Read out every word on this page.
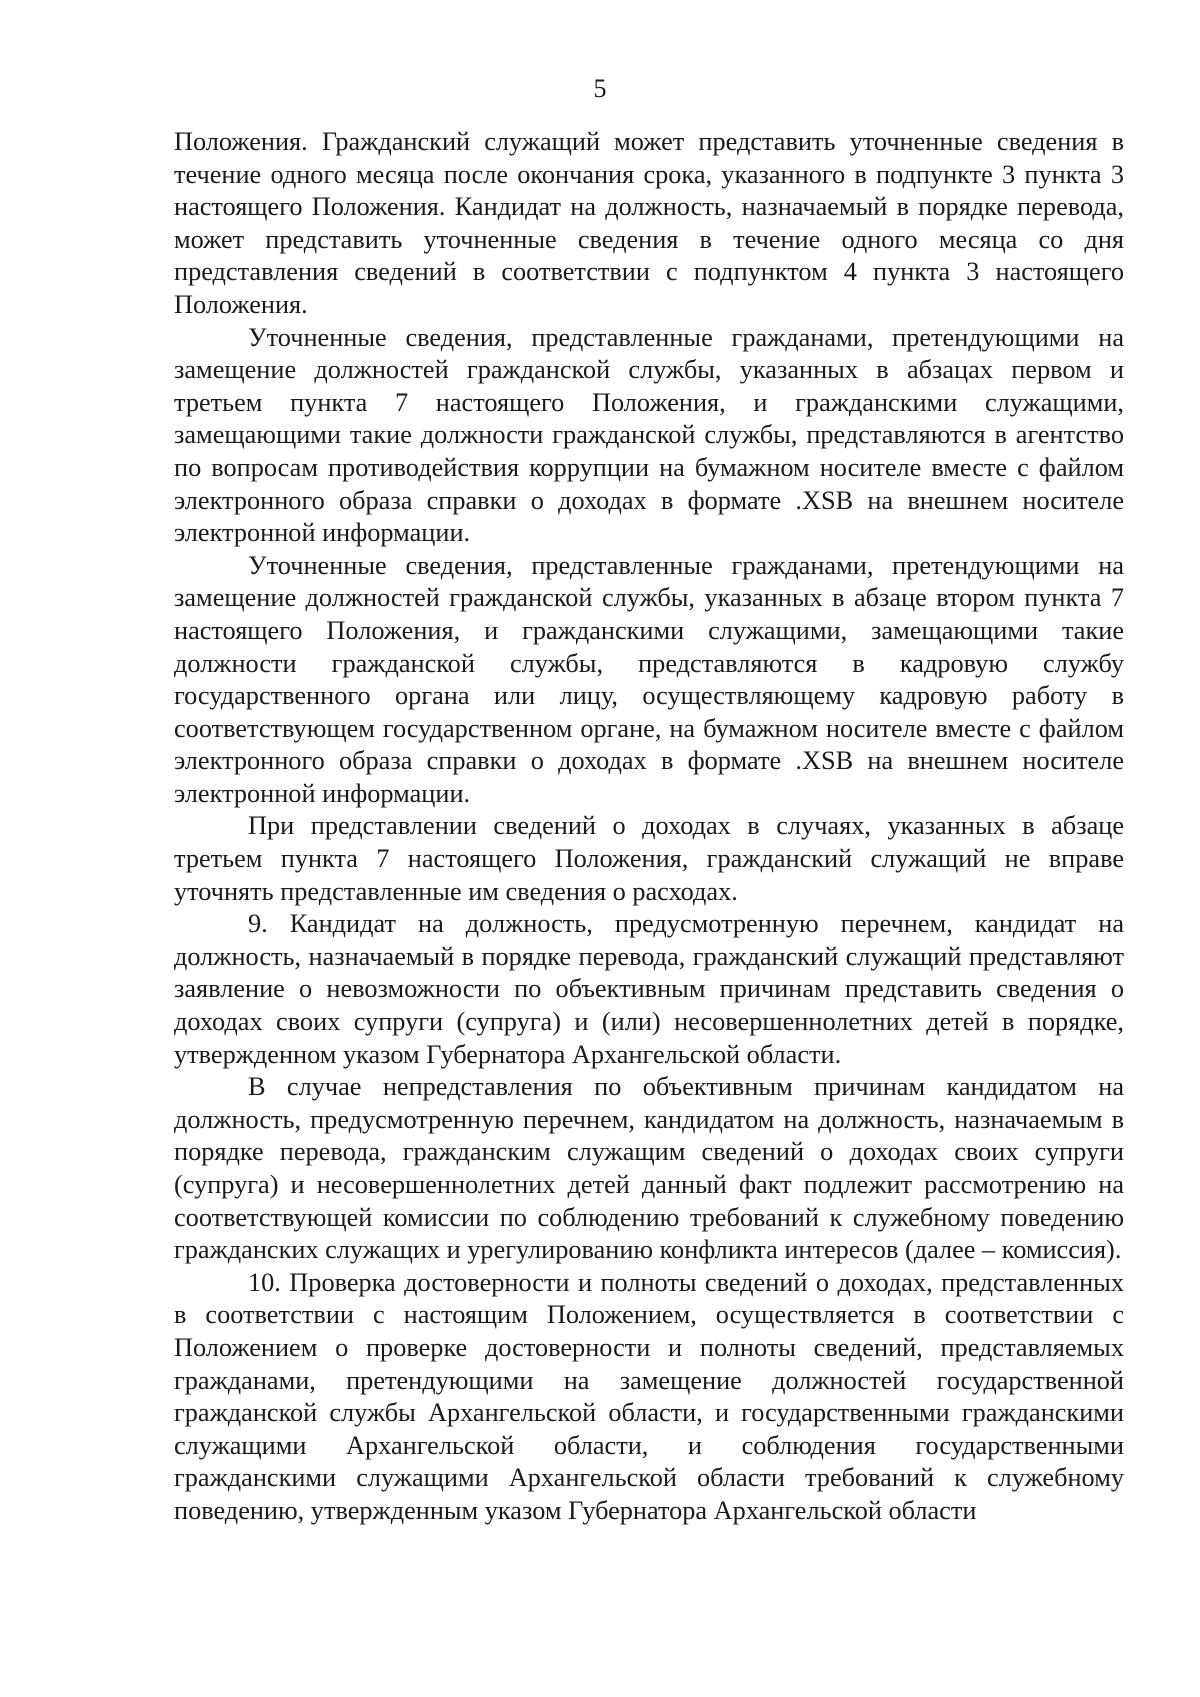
5

Положения. Гражданский служащий может представить уточненные сведения в течение одного месяца после окончания срока, указанного в подпункте 3 пункта 3 настоящего Положения. Кандидат на должность, назначаемый в порядке перевода, может представить уточненные сведения в течение одного месяца со дня представления сведений в соответствии с подпунктом 4 пункта 3 настоящего Положения.

Уточненные сведения, представленные гражданами, претендующими на замещение должностей гражданской службы, указанных в абзацах первом и третьем пункта 7 настоящего Положения, и гражданскими служащими, замещающими такие должности гражданской службы, представляются в агентство по вопросам противодействия коррупции на бумажном носителе вместе с файлом электронного образа справки о доходах в формате .XSB на внешнем носителе электронной информации.

Уточненные сведения, представленные гражданами, претендующими на замещение должностей гражданской службы, указанных в абзаце втором пункта 7 настоящего Положения, и гражданскими служащими, замещающими такие должности гражданской службы, представляются в кадровую службу государственного органа или лицу, осуществляющему кадровую работу в соответствующем государственном органе, на бумажном носителе вместе с файлом электронного образа справки о доходах в формате .XSB на внешнем носителе электронной информации.

При представлении сведений о доходах в случаях, указанных в абзаце третьем пункта 7 настоящего Положения, гражданский служащий не вправе уточнять представленные им сведения о расходах.

9. Кандидат на должность, предусмотренную перечнем, кандидат на должность, назначаемый в порядке перевода, гражданский служащий представляют заявление о невозможности по объективным причинам представить сведения о доходах своих супруги (супруга) и (или) несовершеннолетних детей в порядке, утвержденном указом Губернатора Архангельской области.

В случае непредставления по объективным причинам кандидатом на должность, предусмотренную перечнем, кандидатом на должность, назначаемым в порядке перевода, гражданским служащим сведений о доходах своих супруги (супруга) и несовершеннолетних детей данный факт подлежит рассмотрению на соответствующей комиссии по соблюдению требований к служебному поведению гражданских служащих и урегулированию конфликта интересов (далее – комиссия).

10. Проверка достоверности и полноты сведений о доходах, представленных в соответствии с настоящим Положением, осуществляется в соответствии с Положением о проверке достоверности и полноты сведений, представляемых гражданами, претендующими на замещение должностей государственной гражданской службы Архангельской области, и государственными гражданскими служащими Архангельской области, и соблюдения государственными гражданскими служащими Архангельской области требований к служебному поведению, утвержденным указом Губернатора Архангельской области
